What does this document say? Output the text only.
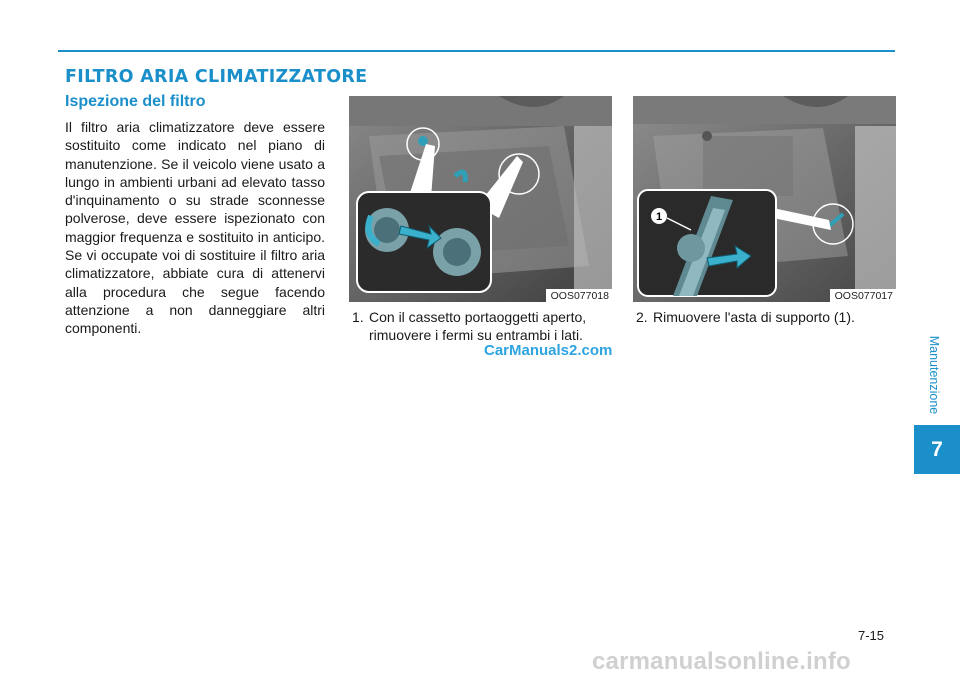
FILTRO ARIA CLIMATIZZATORE
Ispezione del filtro
Il filtro aria climatizzatore deve essere sostituito come indicato nel piano di manutenzione. Se il veicolo viene usato a lungo in ambienti urbani ad elevato tasso d'inquinamento o su strade sconnesse polverose, deve essere ispezionato con maggior frequenza e sostituito in anticipo. Se vi occupate voi di sostituire il filtro aria climatizzatore, abbiate cura di attenervi alla procedura che segue facendo attenzione a non danneggiare altri componenti.
OOS077018
1
OOS077017
1. Con il cassetto portaoggetti aperto,
rimuovere i fermi su entrambi i lati.
2. Rimuovere l'asta di supporto (1).
CarManuals2.com	Manutenzione
7
7-15
carmanualsonline.info
